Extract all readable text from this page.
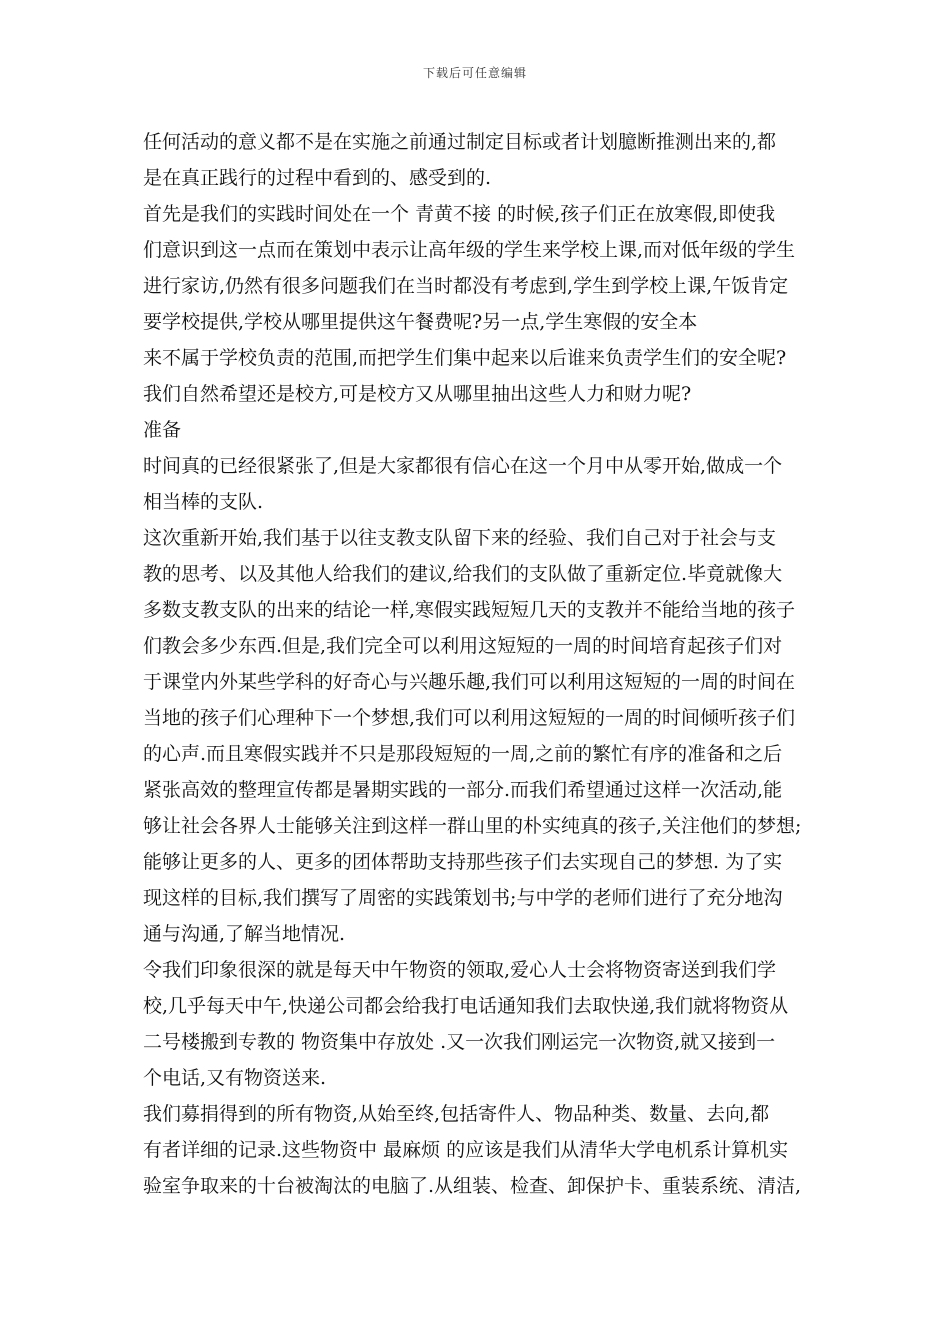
下载后可任意编辑
任何活动的意义都不是在实施之前通过制定目标或者计划臆断推测出来的,都
是在真正践行的过程中看到的、感受到的.
首先是我们的实践时间处在一个 青黄不接 的时候,孩子们正在放寒假,即使我
们意识到这一点而在策划中表示让高年级的学生来学校上课,而对低年级的学生
进行家访,仍然有很多问题我们在当时都没有考虑到,学生到学校上课,午饭肯定
要学校提供,学校从哪里提供这午餐费呢?另一点,学生寒假的安全本
来不属于学校负责的范围,而把学生们集中起来以后谁来负责学生们的安全呢?
我们自然希望还是校方,可是校方又从哪里抽出这些人力和财力呢?
准备
时间真的已经很紧张了,但是大家都很有信心在这一个月中从零开始,做成一个
相当棒的支队.
这次重新开始,我们基于以往支教支队留下来的经验、我们自己对于社会与支
教的思考、以及其他人给我们的建议,给我们的支队做了重新定位.毕竟就像大
多数支教支队的出来的结论一样,寒假实践短短几天的支教并不能给当地的孩子
们教会多少东西.但是,我们完全可以利用这短短的一周的时间培育起孩子们对
于课堂内外某些学科的好奇心与兴趣乐趣,我们可以利用这短短的一周的时间在
当地的孩子们心理种下一个梦想,我们可以利用这短短的一周的时间倾听孩子们
的心声.而且寒假实践并不只是那段短短的一周,之前的繁忙有序的准备和之后
紧张高效的整理宣传都是暑期实践的一部分.而我们希望通过这样一次活动,能
够让社会各界人士能够关注到这样一群山里的朴实纯真的孩子,关注他们的梦想;
能够让更多的人、更多的团体帮助支持那些孩子们去实现自己的梦想. 为了实
现这样的目标,我们撰写了周密的实践策划书;与中学的老师们进行了充分地沟
通与沟通,了解当地情况.
令我们印象很深的就是每天中午物资的领取,爱心人士会将物资寄送到我们学
校,几乎每天中午,快递公司都会给我打电话通知我们去取快递,我们就将物资从
二号楼搬到专教的 物资集中存放处 .又一次我们刚运完一次物资,就又接到一
个电话,又有物资送来.
我们募捐得到的所有物资,从始至终,包括寄件人、物品种类、数量、去向,都
有者详细的记录.这些物资中 最麻烦 的应该是我们从清华大学电机系计算机实
验室争取来的十台被淘汰的电脑了.从组装、检查、卸保护卡、重装系统、清洁,
